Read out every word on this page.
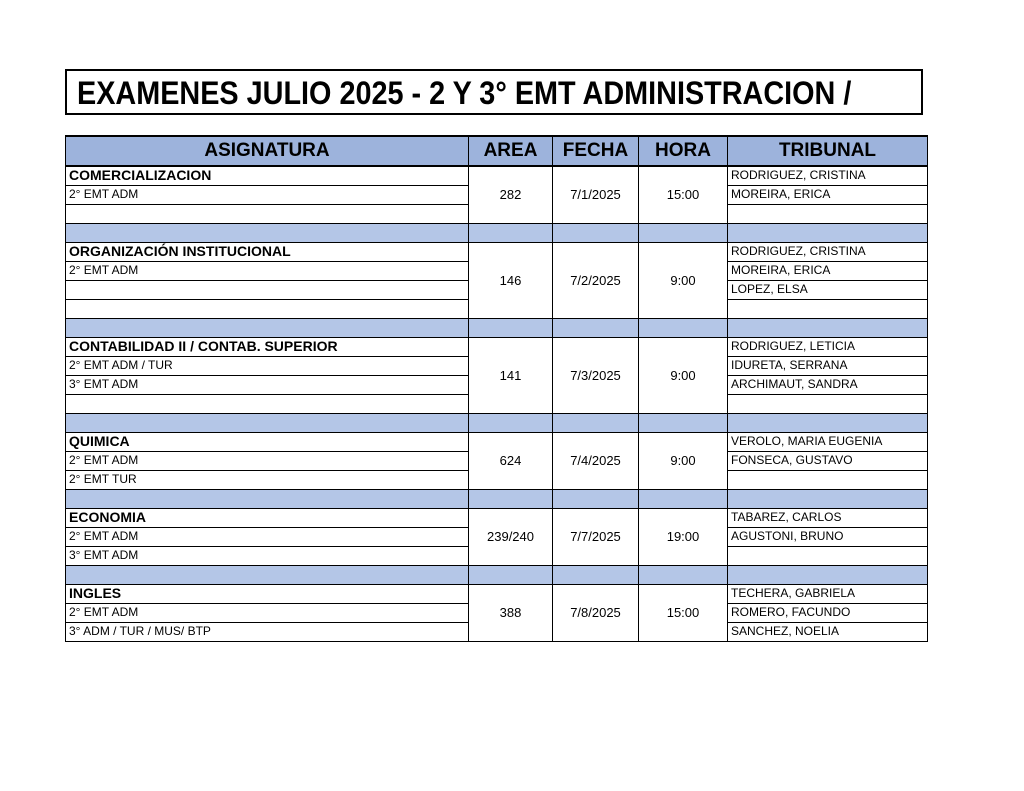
EXAMENES JULIO 2025 - 2 Y 3° EMT ADMINISTRACION /
ASIGNATURA	AREA	FECHA	HORA	TRIBUNAL
COMERCIALIZACION	282	7/1/2025	15:00	RODRIGUEZ, CRISTINA
2° EMT ADM				MOREIRA, ERICA

ORGANIZACIÓN INSTITUCIONAL	146	7/2/2025	9:00	RODRIGUEZ, CRISTINA
2° EMT ADM				MOREIRA, ERICA
				LOPEZ, ELSA

CONTABILIDAD II / CONTAB. SUPERIOR	141	7/3/2025	9:00	RODRIGUEZ, LETICIA
2° EMT ADM / TUR				IDURETA, SERRANA
3° EMT ADM				ARCHIMAUT, SANDRA

QUIMICA	624	7/4/2025	9:00	VEROLO, MARIA EUGENIA
2° EMT ADM				FONSECA, GUSTAVO
2° EMT TUR				

ECONOMIA	239/240	7/7/2025	19:00	TABAREZ, CARLOS
2° EMT ADM				AGUSTONI, BRUNO
3° EMT ADM				

INGLES	388	7/8/2025	15:00	TECHERA, GABRIELA
2° EMT ADM				ROMERO, FACUNDO
3° ADM / TUR / MUS/ BTP				SANCHEZ, NOELIA
